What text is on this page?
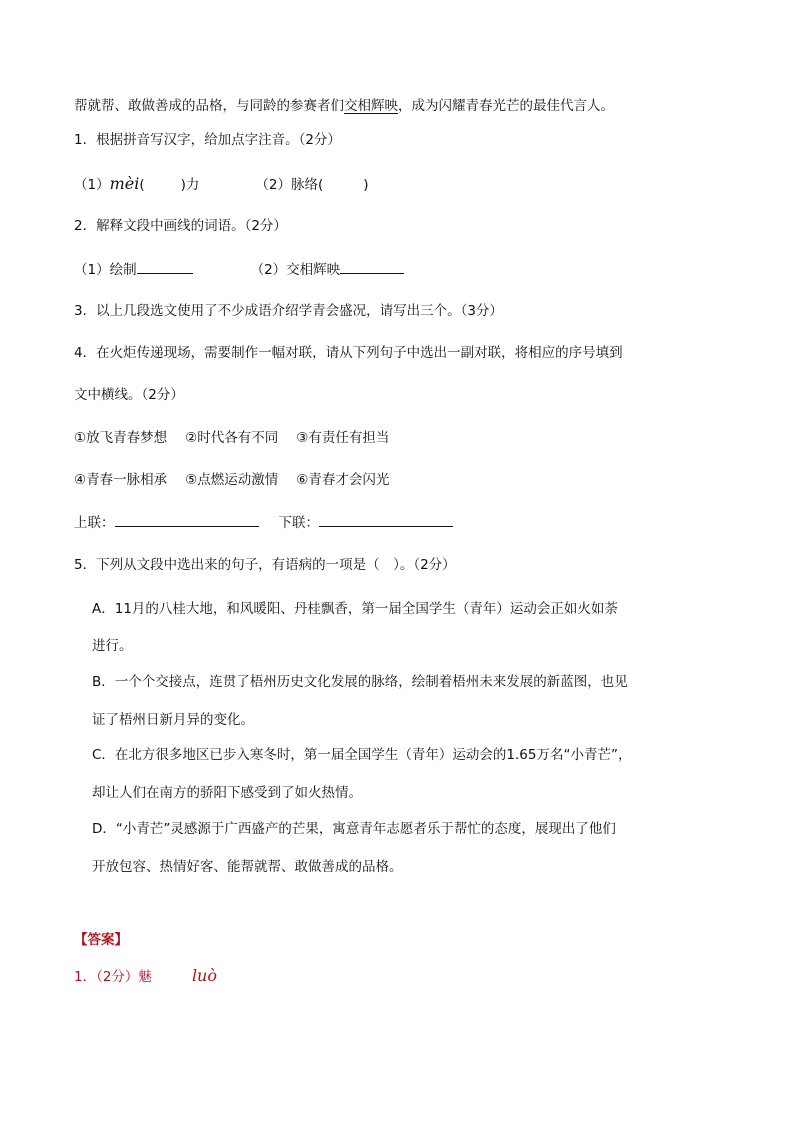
帮就帮、敢做善成的品格，与同龄的参赛者们交相辉映，成为闪耀青春光芒的最佳代言人。
1．根据拼音写汉字，给加点字注音。（2分）
（1）mèi(	)力	（2）脉络(	)
2．解释文段中画线的词语。（2分）
（1）绘制	（2）交相辉映
3．以上几段选文使用了不少成语介绍学青会盛况，请写出三个。（3分）
4．在火炬传递现场，需要制作一幅对联，请从下列句子中选出一副对联，将相应的序号填到
文中横线。（2分）
①放飞青春梦想 ②时代各有不同 ③有责任有担当
④青春一脉相承 ⑤点燃运动激情 ⑥青春才会闪光
上联：	下联：
5．下列从文段中选出来的句子，有语病的一项是（　）。（2分）
A．11月的八桂大地，和风暖阳、丹桂飘香，第一届全国学生（青年）运动会正如火如荼
进行。
B．一个个交接点，连贯了梧州历史文化发展的脉络，绘制着梧州未来发展的新蓝图，也见
证了梧州日新月异的变化。
C．在北方很多地区已步入寒冬时，第一届全国学生（青年）运动会的1.65万名“小青芒”，
却让人们在南方的骄阳下感受到了如火热情。
D．“小青芒”灵感源于广西盛产的芒果，寓意青年志愿者乐于帮忙的态度，展现出了他们
开放包容、热情好客、能帮就帮、敢做善成的品格。
【答案】
1．（2分）魅	luò
